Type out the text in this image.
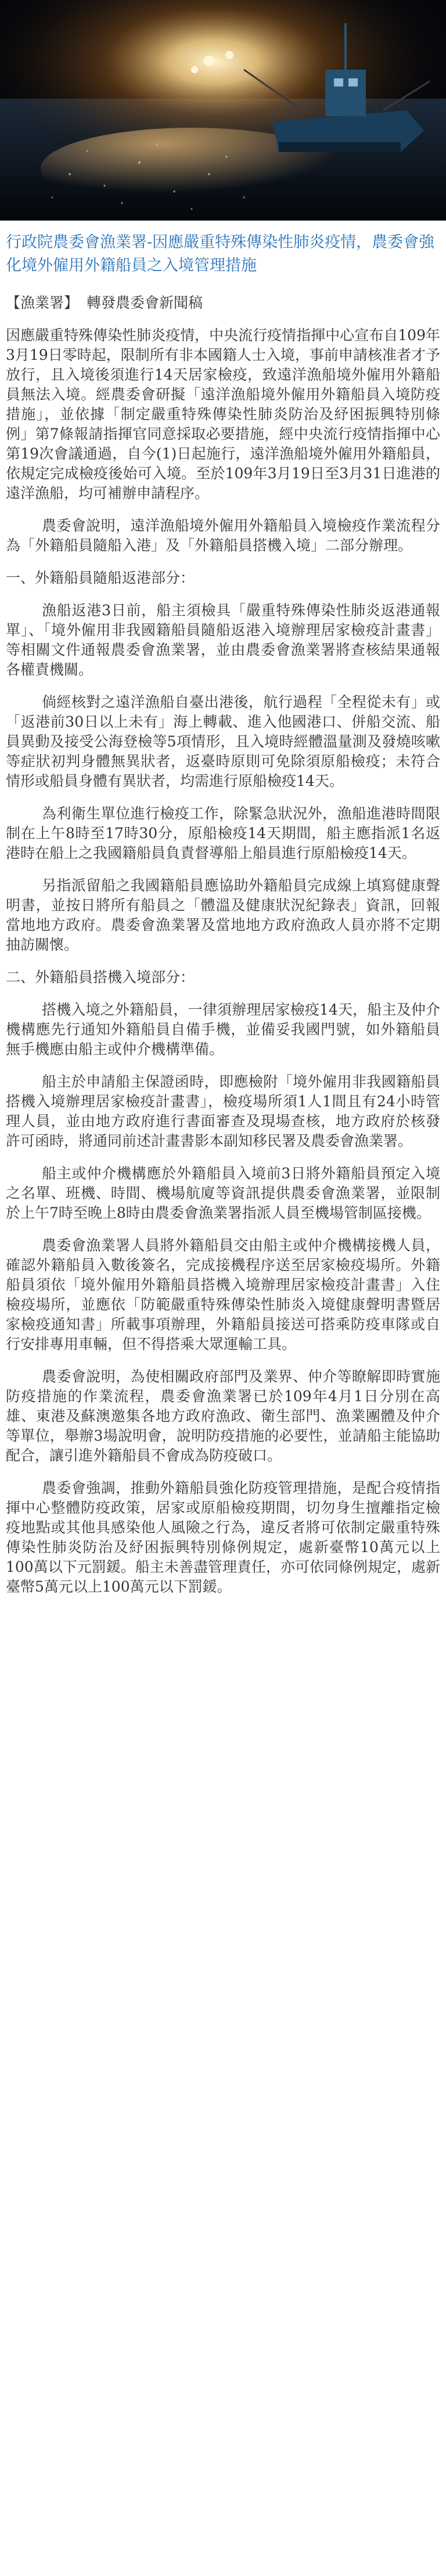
行政院農委會漁業署-因應嚴重特殊傳染性肺炎疫情，農委會強化境外僱用外籍船員之入境管理措施

【漁業署】 轉發農委會新聞稿

因應嚴重特殊傳染性肺炎疫情，中央流行疫情指揮中心宣布自109年3月19日零時起，限制所有非本國籍人士入境，事前申請核准者才予放行，且入境後須進行14天居家檢疫，致遠洋漁船境外僱用外籍船員無法入境。經農委會研擬「遠洋漁船境外僱用外籍船員入境防疫措施」，並依據「制定嚴重特殊傳染性肺炎防治及紓困振興特別條例」第7條報請指揮官同意採取必要措施，經中央流行疫情指揮中心第19次會議通過，自今(1)日起施行，遠洋漁船境外僱用外籍船員，依規定完成檢疫後始可入境。至於109年3月19日至3月31日進港的遠洋漁船，均可補辦申請程序。

農委會說明，遠洋漁船境外僱用外籍船員入境檢疫作業流程分為「外籍船員隨船入港」及「外籍船員搭機入境」二部分辦理。

一、外籍船員隨船返港部分：

漁船返港3日前，船主須檢具「嚴重特殊傳染性肺炎返港通報單」、「境外僱用非我國籍船員隨船返港入境辦理居家檢疫計畫書」等相關文件通報農委會漁業署，並由農委會漁業署將查核結果通報各權責機關。

倘經核對之遠洋漁船自臺出港後，航行過程「全程從未有」或「返港前30日以上未有」海上轉載、進入他國港口、併船交流、船員異動及接受公海登檢等5項情形，且入境時經體溫量測及發燒咳嗽等症狀初判身體無異狀者，返臺時原則可免除須原船檢疫；未符合情形或船員身體有異狀者，均需進行原船檢疫14天。

為利衛生單位進行檢疫工作，除緊急狀況外，漁船進港時間限制在上午8時至17時30分，原船檢疫14天期間，船主應指派1名返港時在船上之我國籍船員負責督導船上船員進行原船檢疫14天。

另指派留船之我國籍船員應協助外籍船員完成線上填寫健康聲明書，並按日將所有船員之「體溫及健康狀況紀錄表」資訊，回報當地地方政府。農委會漁業署及當地地方政府漁政人員亦將不定期抽訪關懷。

二、外籍船員搭機入境部分：

搭機入境之外籍船員，一律須辦理居家檢疫14天，船主及仲介機構應先行通知外籍船員自備手機，並備妥我國門號，如外籍船員無手機應由船主或仲介機構準備。

船主於申請船主保證函時，即應檢附「境外僱用非我國籍船員搭機入境辦理居家檢疫計畫書」，檢疫場所須1人1間且有24小時管理人員，並由地方政府進行書面審查及現場查核，地方政府於核發許可函時，將通同前述計畫書影本副知移民署及農委會漁業署。

船主或仲介機構應於外籍船員入境前3日將外籍船員預定入境之名單、班機、時間、機場航廈等資訊提供農委會漁業署，並限制於上午7時至晚上8時由農委會漁業署指派人員至機場管制區接機。

農委會漁業署人員將外籍船員交由船主或仲介機構接機人員，確認外籍船員入數後簽名，完成接機程序送至居家檢疫場所。外籍船員須依「境外僱用外籍船員搭機入境辦理居家檢疫計畫書」入住檢疫場所，並應依「防範嚴重特殊傳染性肺炎入境健康聲明書暨居家檢疫通知書」所載事項辦理，外籍船員接送可搭乘防疫車隊或自行安排專用車輛，但不得搭乘大眾運輸工具。

農委會說明，為使相關政府部門及業界、仲介等瞭解即時實施防疫措施的作業流程，農委會漁業署已於109年4月1日分別在高雄、東港及蘇澳邀集各地方政府漁政、衛生部門、漁業團體及仲介等單位，舉辦3場說明會，說明防疫措施的必要性，並請船主能協助配合，讓引進外籍船員不會成為防疫破口。

農委會強調，推動外籍船員強化防疫管理措施，是配合疫情指揮中心整體防疫政策，居家或原船檢疫期間，切勿身生擅離指定檢疫地點或其他具感染他人風險之行為，違反者將可依制定嚴重特殊傳染性肺炎防治及紓困振興特別條例規定，處新臺幣10萬元以上100萬以下元罰鍰。船主未善盡管理責任，亦可依同條例規定，處新臺幣5萬元以上100萬元以下罰鍰。
